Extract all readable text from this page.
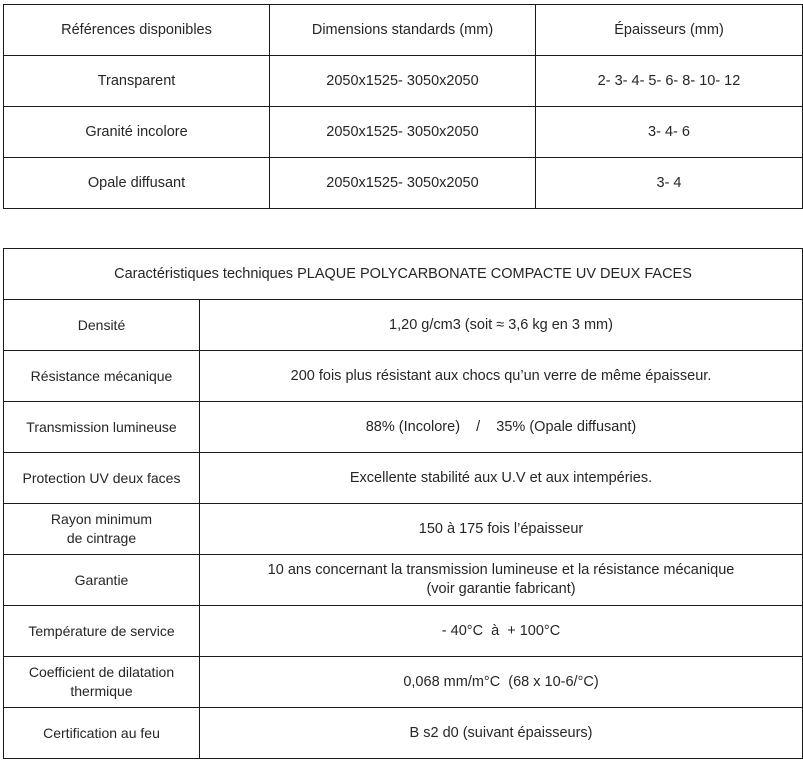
Références disponibles	Dimensions standards (mm)	Épaisseurs (mm)
Transparent	2050x1525- 3050x2050	2- 3- 4- 5- 6- 8- 10- 12
Granité incolore	2050x1525- 3050x2050	3- 4- 6
Opale diffusant	2050x1525- 3050x2050	3- 4
Caractéristiques techniques PLAQUE POLYCARBONATE COMPACTE UV DEUX FACES	
Densité	1,20 g/cm3 (soit ≈ 3,6 kg en 3 mm)
Résistance mécanique	200 fois plus résistant aux chocs qu’un verre de même épaisseur.
Transmission lumineuse	88% (Incolore)    /    35% (Opale diffusant)
Protection UV deux faces	Excellente stabilité aux U.V et aux intempéries.

Rayon minimum
de cintrage	150 à 175 fois l’épaisseur
Garantie	10 ans concernant la transmission lumineuse et la résistance mécanique
(voir garantie fabricant)

Température de service	- 40°C  à  + 100°C

Coefficient de dilatation
thermique	0,068 mm/m°C  (68 x 10-6/°C)
Certification au feu	B s2 d0 (suivant épaisseurs)
